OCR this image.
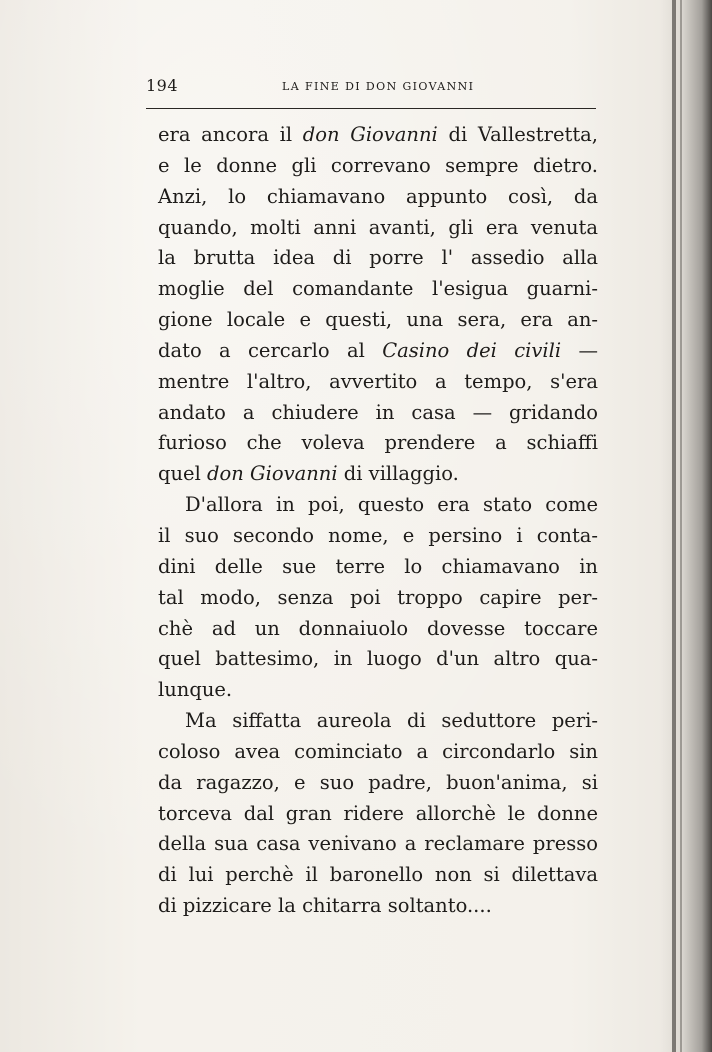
194	LA FINE DI DON GIOVANNI
era ancora il don Giovanni di Vallestretta,
e le donne gli correvano sempre dietro.
Anzi, lo chiamavano appunto così, da
quando, molti anni avanti, gli era venuta
la brutta idea di porre l' assedio alla
moglie del comandante l'esigua guarni-
gione locale e questi, una sera, era an-
dato a cercarlo al Casino dei civili —
mentre l'altro, avvertito a tempo, s'era
andato a chiudere in casa — gridando
furioso che voleva prendere a schiaffi
quel don Giovanni di villaggio.
D'allora in poi, questo era stato come
il suo secondo nome, e persino i conta-
dini delle sue terre lo chiamavano in
tal modo, senza poi troppo capire per-
chè ad un donnaiuolo dovesse toccare
quel battesimo, in luogo d'un altro qua-
lunque.
Ma siffatta aureola di seduttore peri-
coloso avea cominciato a circondarlo sin
da ragazzo, e suo padre, buon'anima, si
torceva dal gran ridere allorchè le donne
della sua casa venivano a reclamare presso
di lui perchè il baronello non si dilettava
di pizzicare la chitarra soltanto....
